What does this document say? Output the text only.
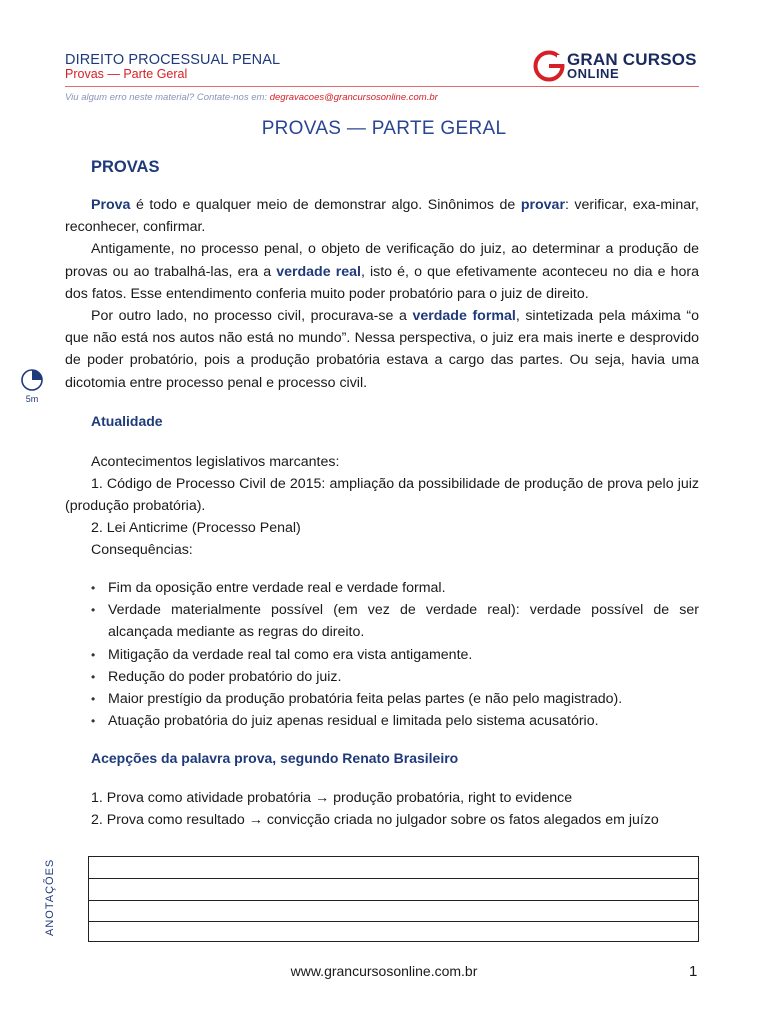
DIREITO PROCESSUAL PENAL
Provas — Parte Geral
GRAN CURSOS
ONLINE
Viu algum erro neste material? Contate-nos em: degravacoes@grancursosonline.com.br
PROVAS — PARTE GERAL
PROVAS

Prova é todo e qualquer meio de demonstrar algo. Sinônimos de provar: verificar, exa-minar, reconhecer, confirmar.

Antigamente, no processo penal, o objeto de verificação do juiz, ao determinar a produção de provas ou ao trabalhá-las, era a verdade real, isto é, o que efetivamente aconteceu no dia e hora dos fatos. Esse entendimento conferia muito poder probatório para o juiz de direito.

Por outro lado, no processo civil, procurava-se a verdade formal, sintetizada pela máxima “o que não está nos autos não está no mundo”. Nessa perspectiva, o juiz era mais inerte e desprovido de poder probatório, pois a produção probatória estava a cargo das partes. Ou seja, havia uma dicotomia entre processo penal e processo civil.

5m
Atualidade
Acontecimentos legislativos marcantes:
1. Código de Processo Civil de 2015: ampliação da possibilidade de produção de prova pelo juiz (produção probatória).
2. Lei Anticrime (Processo Penal)
Consequências:
• Fim da oposição entre verdade real e verdade formal.
• Verdade materialmente possível (em vez de verdade real): verdade possível de ser alcançada mediante as regras do direito.
• Mitigação da verdade real tal como era vista antigamente.
• Redução do poder probatório do juiz.
• Maior prestígio da produção probatória feita pelas partes (e não pelo magistrado).
• Atuação probatória do juiz apenas residual e limitada pelo sistema acusatório.
Acepções da palavra prova, segundo Renato Brasileiro
1. Prova como atividade probatória → produção probatória, right to evidence
2. Prova como resultado → convicção criada no julgador sobre os fatos alegados em juízo
ANOTAÇÕES
www.grancursosonline.com.br	1
